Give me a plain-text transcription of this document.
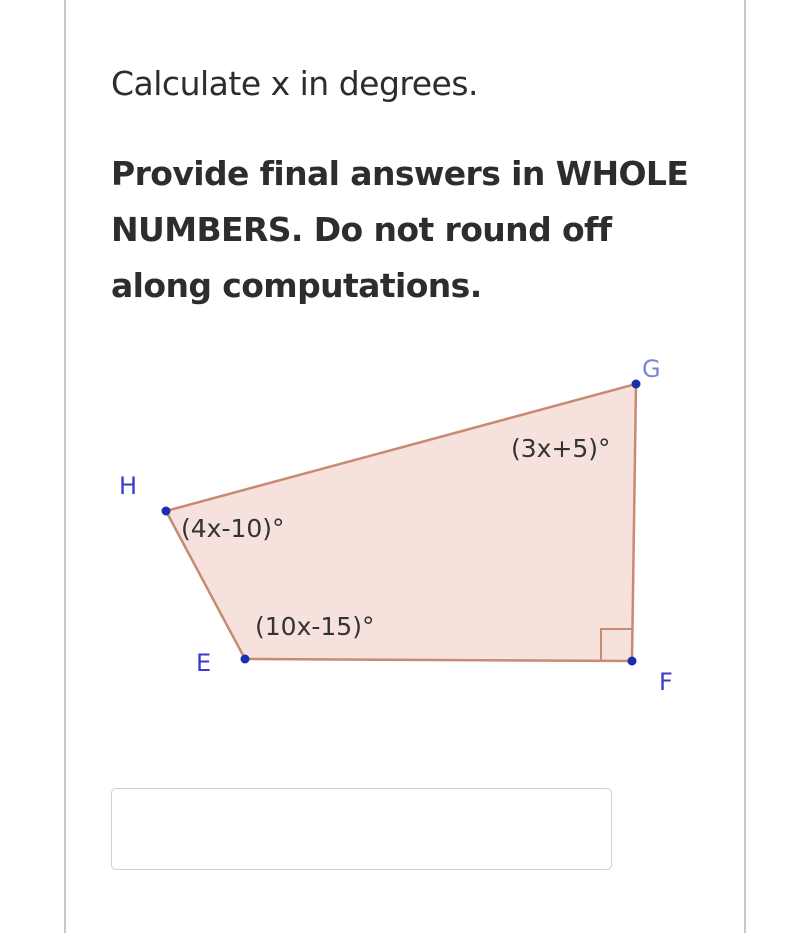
Calculate x in degrees.
Provide final answers in WHOLE NUMBERS. Do not round off along computations.
G
H
E
F
(3x+5)°
(4x-10)°
(10x-15)°
